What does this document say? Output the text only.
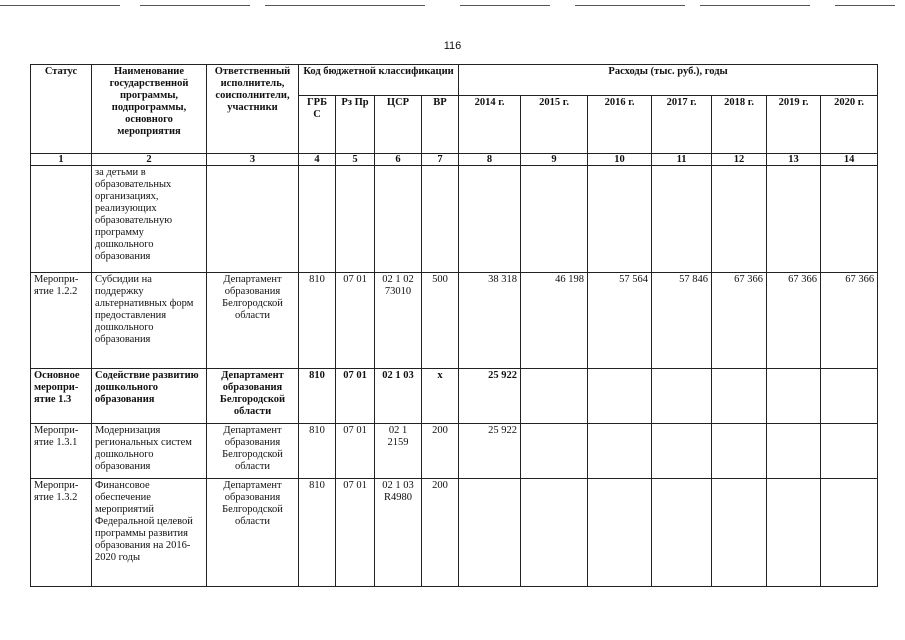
116
Статус	Наименование государственной программы, подпрограммы, основного мероприятия	Ответственный исполнитель, соисполнители, участники	Код бюджетной классификации				Расходы (тыс. руб.), годы						
			ГРБ С	Рз Пр	ЦСР	ВР	2014 г.	2015 г.	2016 г.	2017 г.	2018 г.	2019 г.	2020 г.
1	2	3	4	5	6	7	8	9	10	11	12	13	14
	за детьми в образовательных организациях, реализующих образовательную программу дошкольного образования												
Меропри-ятие 1.2.2	Субсидии на поддержку альтернативных форм предоставления дошкольного образования	Департамент образования Белгородской области	810	07 01	02 1 02 73010	500	38 318	46 198	57 564	57 846	67 366	67 366	67 366
Основное меропри-ятие 1.3	Содействие развитию дошкольного образования	Департамент образования Белгородской области	810	07 01	02 1 03	х	25 922						
Меропри-ятие 1.3.1	Модернизация региональных систем дошкольного образования	Департамент образования Белгородской области	810	07 01	02 1 2159	200	25 922						
Меропри-ятие 1.3.2	Финансовое обеспечение мероприятий Федеральной целевой программы развития образования на 2016-2020 годы	Департамент образования Белгородской области	810	07 01	02 1 03 R4980	200							
